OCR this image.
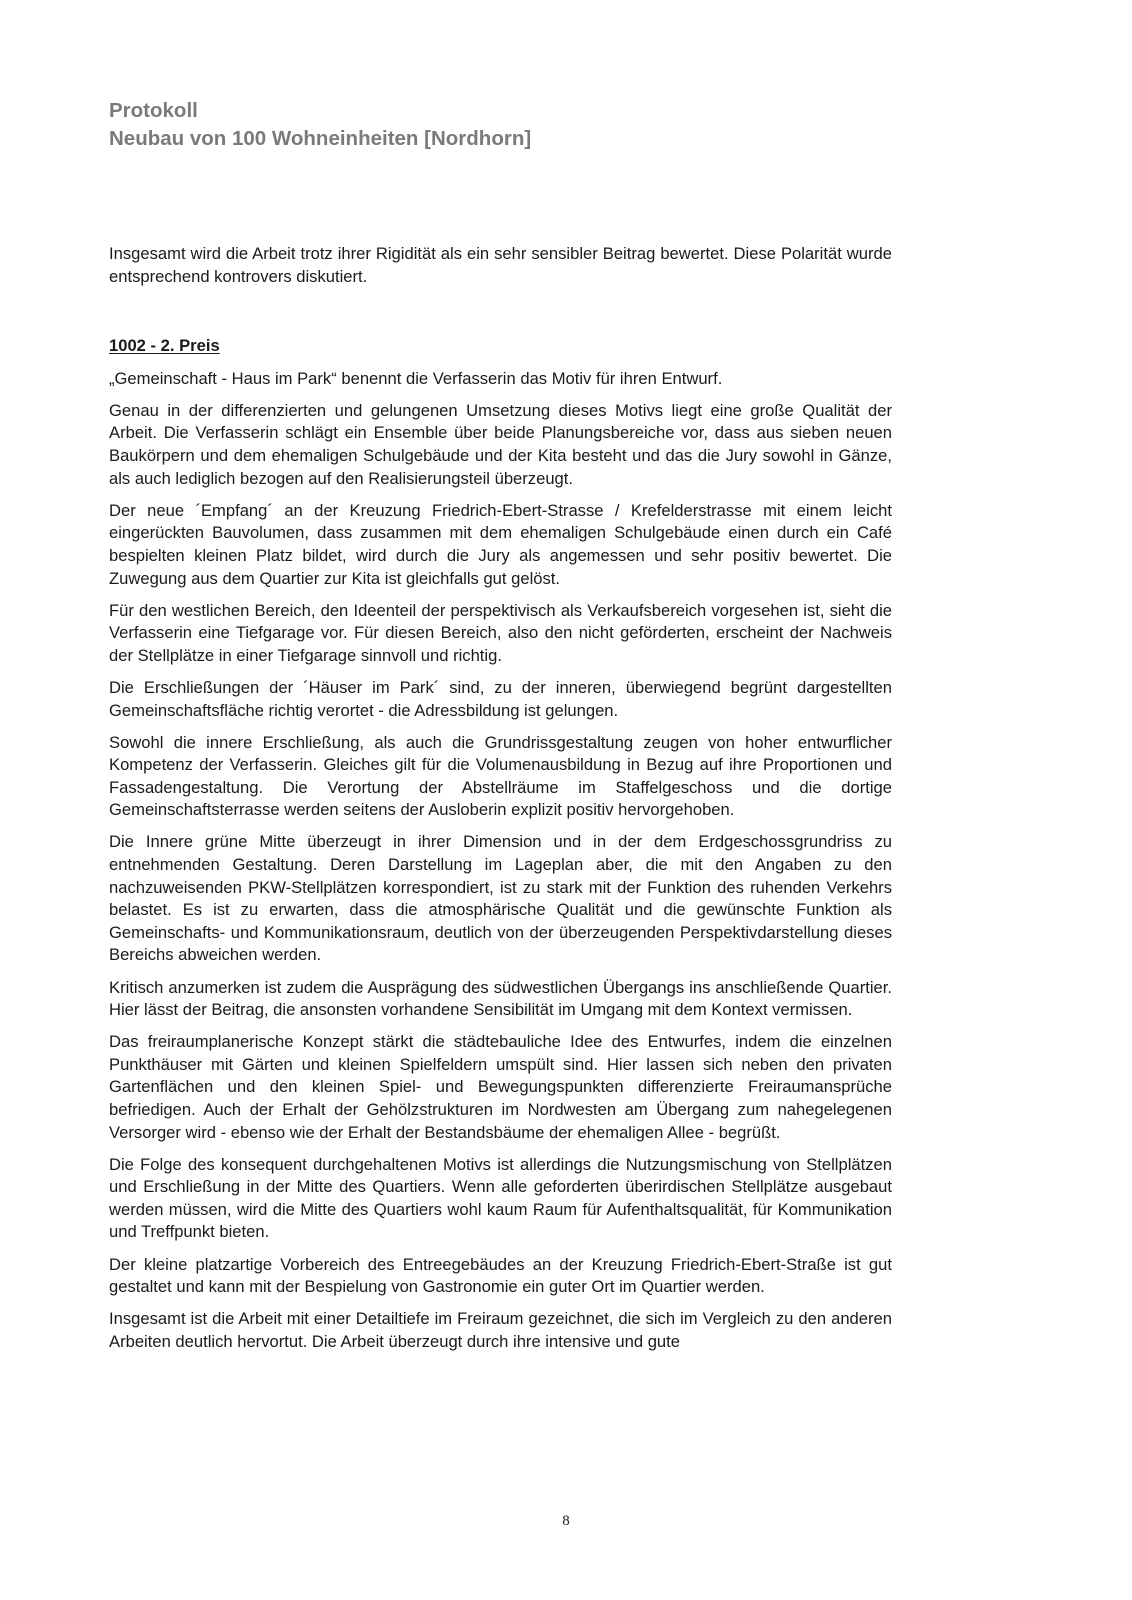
Protokoll
Neubau von 100 Wohneinheiten [Nordhorn]

Insgesamt wird die Arbeit trotz ihrer Rigidität als ein sehr sensibler Beitrag bewertet. Diese Polarität wurde entsprechend kontrovers diskutiert.

1002 - 2. Preis

„Gemeinschaft - Haus im Park“ benennt die Verfasserin das Motiv für ihren Entwurf.

Genau in der differenzierten und gelungenen Umsetzung dieses Motivs liegt eine große Qualität der Arbeit. Die Verfasserin schlägt ein Ensemble über beide Planungsbereiche vor, dass aus sieben neuen Baukörpern und dem ehemaligen Schulgebäude und der Kita besteht und das die Jury sowohl in Gänze, als auch lediglich bezogen auf den Realisierungsteil überzeugt.

Der neue ´Empfang´ an der Kreuzung Friedrich-Ebert-Strasse / Krefelderstrasse mit einem leicht eingerückten Bauvolumen, dass zusammen mit dem ehemaligen Schulgebäude einen durch ein Café bespielten kleinen Platz bildet, wird durch die Jury als angemessen und sehr positiv bewertet. Die Zuwegung aus dem Quartier zur Kita ist gleichfalls gut gelöst.

Für den westlichen Bereich, den Ideenteil der perspektivisch als Verkaufsbereich vorgesehen ist, sieht die Verfasserin eine Tiefgarage vor. Für diesen Bereich, also den nicht geförderten, erscheint der Nachweis der Stellplätze in einer Tiefgarage sinnvoll und richtig.

Die Erschließungen der ´Häuser im Park´ sind, zu der inneren, überwiegend begrünt dargestellten Gemeinschaftsfläche richtig verortet - die Adressbildung ist gelungen.

Sowohl die innere Erschließung, als auch die Grundrissgestaltung zeugen von hoher entwurflicher Kompetenz der Verfasserin. Gleiches gilt für die Volumenausbildung in Bezug auf ihre Proportionen und Fassadengestaltung. Die Verortung der Abstellräume im Staffelgeschoss und die dortige Gemeinschaftsterrasse werden seitens der Ausloberin explizit positiv hervorgehoben.

Die Innere grüne Mitte überzeugt in ihrer Dimension und in der dem Erdgeschossgrundriss zu entnehmenden Gestaltung. Deren Darstellung im Lageplan aber, die mit den Angaben zu den nachzuweisenden PKW-Stellplätzen korrespondiert, ist zu stark mit der Funktion des ruhenden Verkehrs belastet. Es ist zu erwarten, dass die atmosphärische Qualität und die gewünschte Funktion als Gemeinschafts- und Kommunikationsraum, deutlich von der überzeugenden Perspektivdarstellung dieses Bereichs abweichen werden.

Kritisch anzumerken ist zudem die Ausprägung des südwestlichen Übergangs ins anschließende Quartier. Hier lässt der Beitrag, die ansonsten vorhandene Sensibilität im Umgang mit dem Kontext vermissen.

Das freiraumplanerische Konzept stärkt die städtebauliche Idee des Entwurfes, indem die einzelnen Punkthäuser mit Gärten und kleinen Spielfeldern umspült sind. Hier lassen sich neben den privaten Gartenflächen und den kleinen Spiel- und Bewegungspunkten differenzierte Freiraumansprüche befriedigen. Auch der Erhalt der Gehölzstrukturen im Nordwesten am Übergang zum nahegelegenen Versorger wird - ebenso wie der Erhalt der Bestandsbäume der ehemaligen Allee - begrüßt.

Die Folge des konsequent durchgehaltenen Motivs ist allerdings die Nutzungsmischung von Stellplätzen und Erschließung in der Mitte des Quartiers. Wenn alle geforderten überirdischen Stellplätze ausgebaut werden müssen, wird die Mitte des Quartiers wohl kaum Raum für Aufenthaltsqualität, für Kommunikation und Treffpunkt bieten.

Der kleine platzartige Vorbereich des Entreegebäudes an der Kreuzung Friedrich-Ebert-Straße ist gut gestaltet und kann mit der Bespielung von Gastronomie ein guter Ort im Quartier werden.

Insgesamt ist die Arbeit mit einer Detailtiefe im Freiraum gezeichnet, die sich im Vergleich zu den anderen Arbeiten deutlich hervortut. Die Arbeit überzeugt durch ihre intensive und gute

8
